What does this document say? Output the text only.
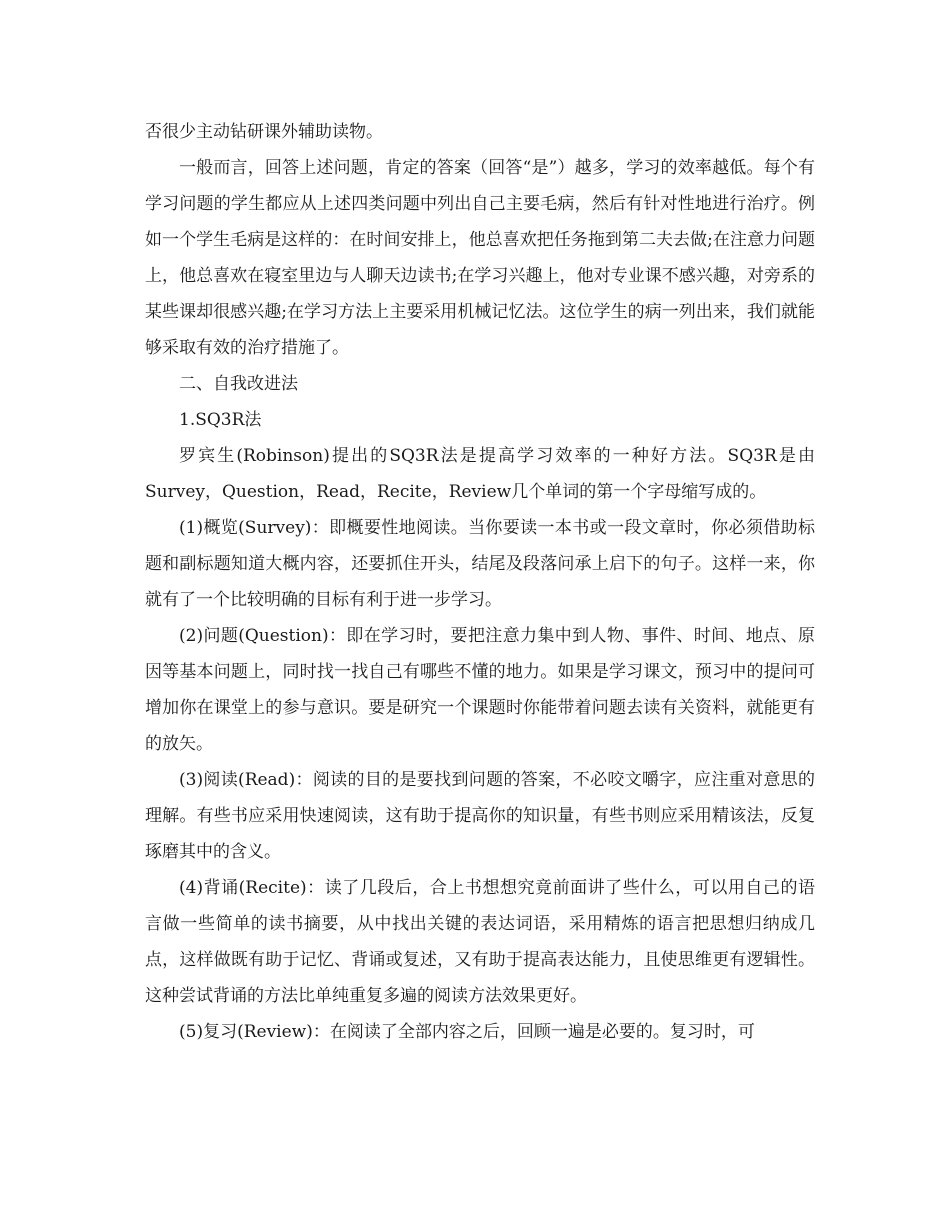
否很少主动钻研课外辅助读物。

一般而言，回答上述问题，肯定的答案（回答“是”）越多，学习的效率越低。每个有学习问题的学生都应从上述四类问题中列出自己主要毛病，然后有针对性地进行治疗。例如一个学生毛病是这样的：在时间安排上，他总喜欢把任务拖到第二夫去做;在注意力问题上，他总喜欢在寝室里边与人聊天边读书;在学习兴趣上，他对专业课不感兴趣，对旁系的某些课却很感兴趣;在学习方法上主要采用机械记忆法。这位学生的病一列出来，我们就能够采取有效的治疗措施了。

二、自我改进法

1.SQ3R法

罗宾生(Robinson)提出的SQ3R法是提高学习效率的一种好方法。SQ3R是由Survey，Question，Read，Recite，Review几个单词的第一个字母缩写成的。

(1)概览(Survey)：即概要性地阅读。当你要读一本书或一段文章时，你必须借助标题和副标题知道大概内容，还要抓住开头，结尾及段落问承上启下的句子。这样一来，你就有了一个比较明确的目标有利于进一步学习。

(2)问题(Question)：即在学习时，要把注意力集中到人物、事件、时间、地点、原因等基本问题上，同时找一找自己有哪些不懂的地力。如果是学习课文，预习中的提问可增加你在课堂上的参与意识。要是研究一个课题时你能带着问题去读有关资料，就能更有的放矢。

(3)阅读(Read)：阅读的目的是要找到问题的答案，不必咬文嚼字，应注重对意思的理解。有些书应采用快速阅读，这有助于提高你的知识量，有些书则应采用精该法，反复琢磨其中的含义。

(4)背诵(Recite)：读了几段后，合上书想想究竟前面讲了些什么，可以用自己的语言做一些简单的读书摘要，从中找出关键的表达词语，采用精炼的语言把思想归纳成几点，这样做既有助于记忆、背诵或复述，又有助于提高表达能力，且使思维更有逻辑性。这种尝试背诵的方法比单纯重复多遍的阅读方法效果更好。

(5)复习(Review)：在阅读了全部内容之后，回顾一遍是必要的。复习时，可
